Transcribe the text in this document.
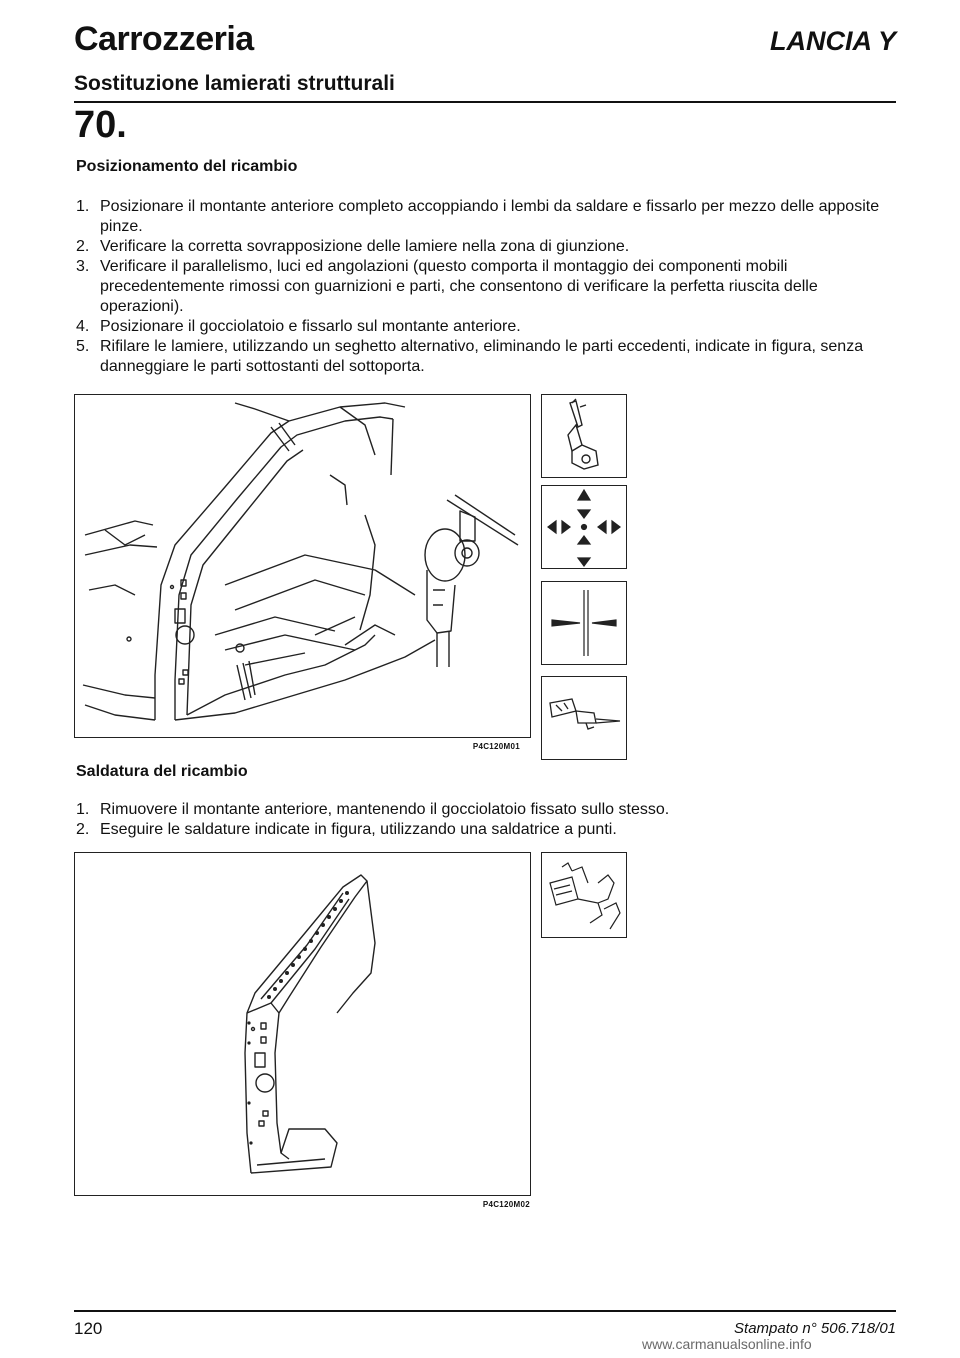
Carrozzeria	LANCIA Y
Sostituzione lamierati strutturali
70.
Posizionamento del ricambio
1. Posizionare il montante anteriore completo accoppiando i lembi da saldare e fissarlo per mezzo delle apposite pinze.
2. Verificare la corretta sovrapposizione delle lamiere nella zona di giunzione.
3. Verificare il parallelismo, luci ed angolazioni (questo comporta il montaggio dei componenti mobili precedentemente rimossi con guarnizioni e parti, che consentono di verificare la perfetta riuscita delle operazioni).
4. Posizionare il gocciolatoio e fissarlo sul montante anteriore.
5. Rifilare le lamiere, utilizzando un seghetto alternativo, eliminando le parti eccedenti, indicate in figura, senza danneggiare le parti sottostanti del sottoporta.
P4C120M01
Saldatura del ricambio
1. Rimuovere il montante anteriore, mantenendo il gocciolatoio fissato sullo stesso.
2. Eseguire le saldature indicate in figura, utilizzando una saldatrice a punti.
P4C120M02
120	Stampato n° 506.718/01
www.carmanualsonline.info
